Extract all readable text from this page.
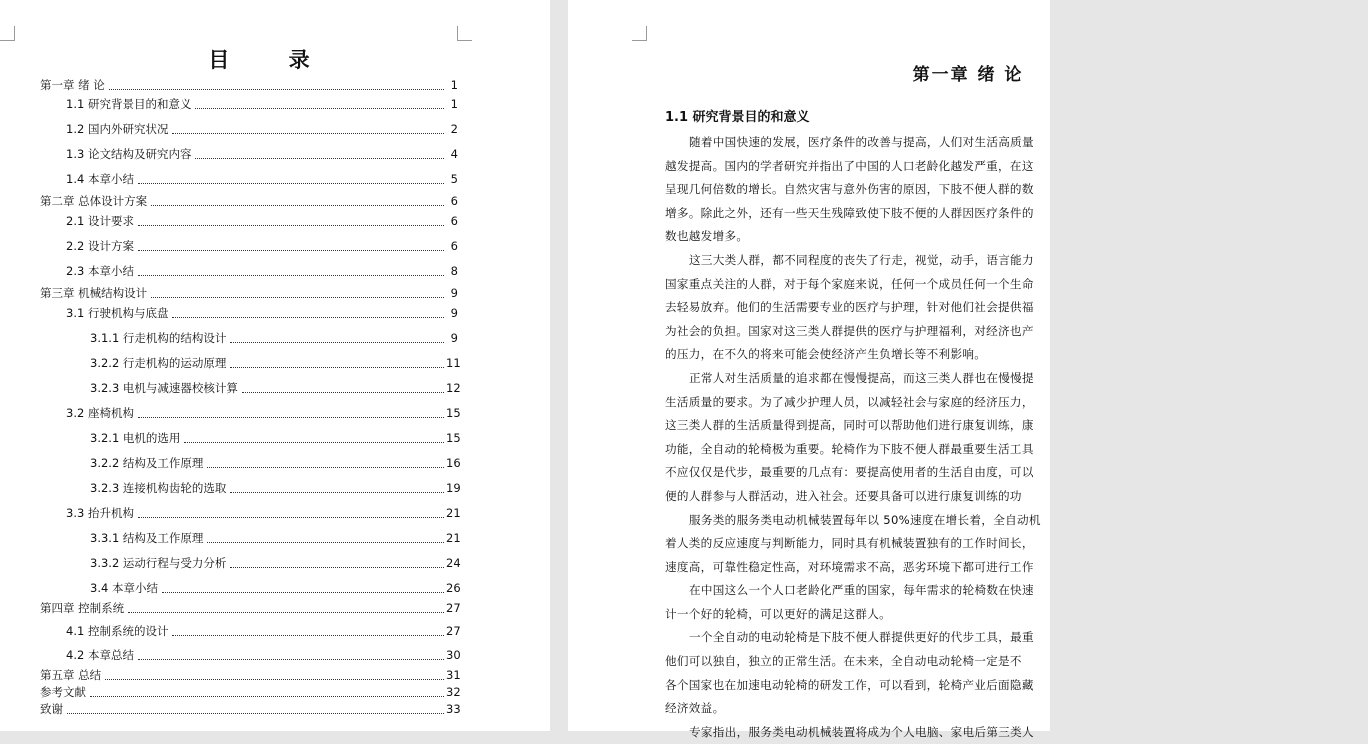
目 录
第一章 绪 论	1
1.1 研究背景目的和意义	1
1.2 国内外研究状况	2
1.3 论文结构及研究内容	4
1.4 本章小结	5
第二章 总体设计方案	6
2.1 设计要求	6
2.2 设计方案	6
2.3 本章小结	8
第三章 机械结构设计	9
3.1 行驶机构与底盘	9
3.1.1 行走机构的结构设计	9
3.2.2 行走机构的运动原理	11
3.2.3 电机与减速器校核计算	12
3.2 座椅机构	15
3.2.1 电机的选用	15
3.2.2 结构及工作原理	16
3.2.3 连接机构齿轮的选取	19
3.3 抬升机构	21
3.3.1 结构及工作原理	21
3.3.2 运动行程与受力分析	24
3.4 本章小结	26
第四章 控制系统	27
4.1 控制系统的设计	27
4.2 本章总结	30
第五章 总结	31
参考文献	32
致谢	33
第一章 绪 论
1.1 研究背景目的和意义
随着中国快速的发展，医疗条件的改善与提高，人们对生活高质量
越发提高。国内的学者研究并指出了中国的人口老龄化越发严重，在这
呈现几何倍数的增长。自然灾害与意外伤害的原因，下肢不便人群的数
增多。除此之外，还有一些天生残障致使下肢不便的人群因医疗条件的
数也越发增多。
这三大类人群，都不同程度的丧失了行走，视觉，动手，语言能力
国家重点关注的人群，对于每个家庭来说，任何一个成员任何一个生命
去轻易放弃。他们的生活需要专业的医疗与护理，针对他们社会提供福
为社会的负担。国家对这三类人群提供的医疗与护理福利，对经济也产
的压力，在不久的将来可能会使经济产生负增长等不利影响。
正常人对生活质量的追求都在慢慢提高，而这三类人群也在慢慢提
生活质量的要求。为了减少护理人员，以减轻社会与家庭的经济压力，
这三类人群的生活质量得到提高，同时可以帮助他们进行康复训练，康
功能，全自动的轮椅极为重要。轮椅作为下肢不便人群最重要生活工具
不应仅仅是代步，最重要的几点有：要提高使用者的生活自由度，可以
便的人群参与人群活动，进入社会。还要具备可以进行康复训练的功
服务类的服务类电动机械装置每年以 50%速度在增长着，全自动机
着人类的反应速度与判断能力，同时具有机械装置独有的工作时间长，
速度高，可靠性稳定性高，对环境需求不高，恶劣环境下都可进行工作
在中国这么一个人口老龄化严重的国家，每年需求的轮椅数在快速
计一个好的轮椅，可以更好的满足这群人。
一个全自动的电动轮椅是下肢不便人群提供更好的代步工具，最重
他们可以独自，独立的正常生活。在未来，全自动电动轮椅一定是不
各个国家也在加速电动轮椅的研发工作，可以看到，轮椅产业后面隐藏
经济效益。
专家指出，服务类电动机械装置将成为个人电脑、家电后第三类人
